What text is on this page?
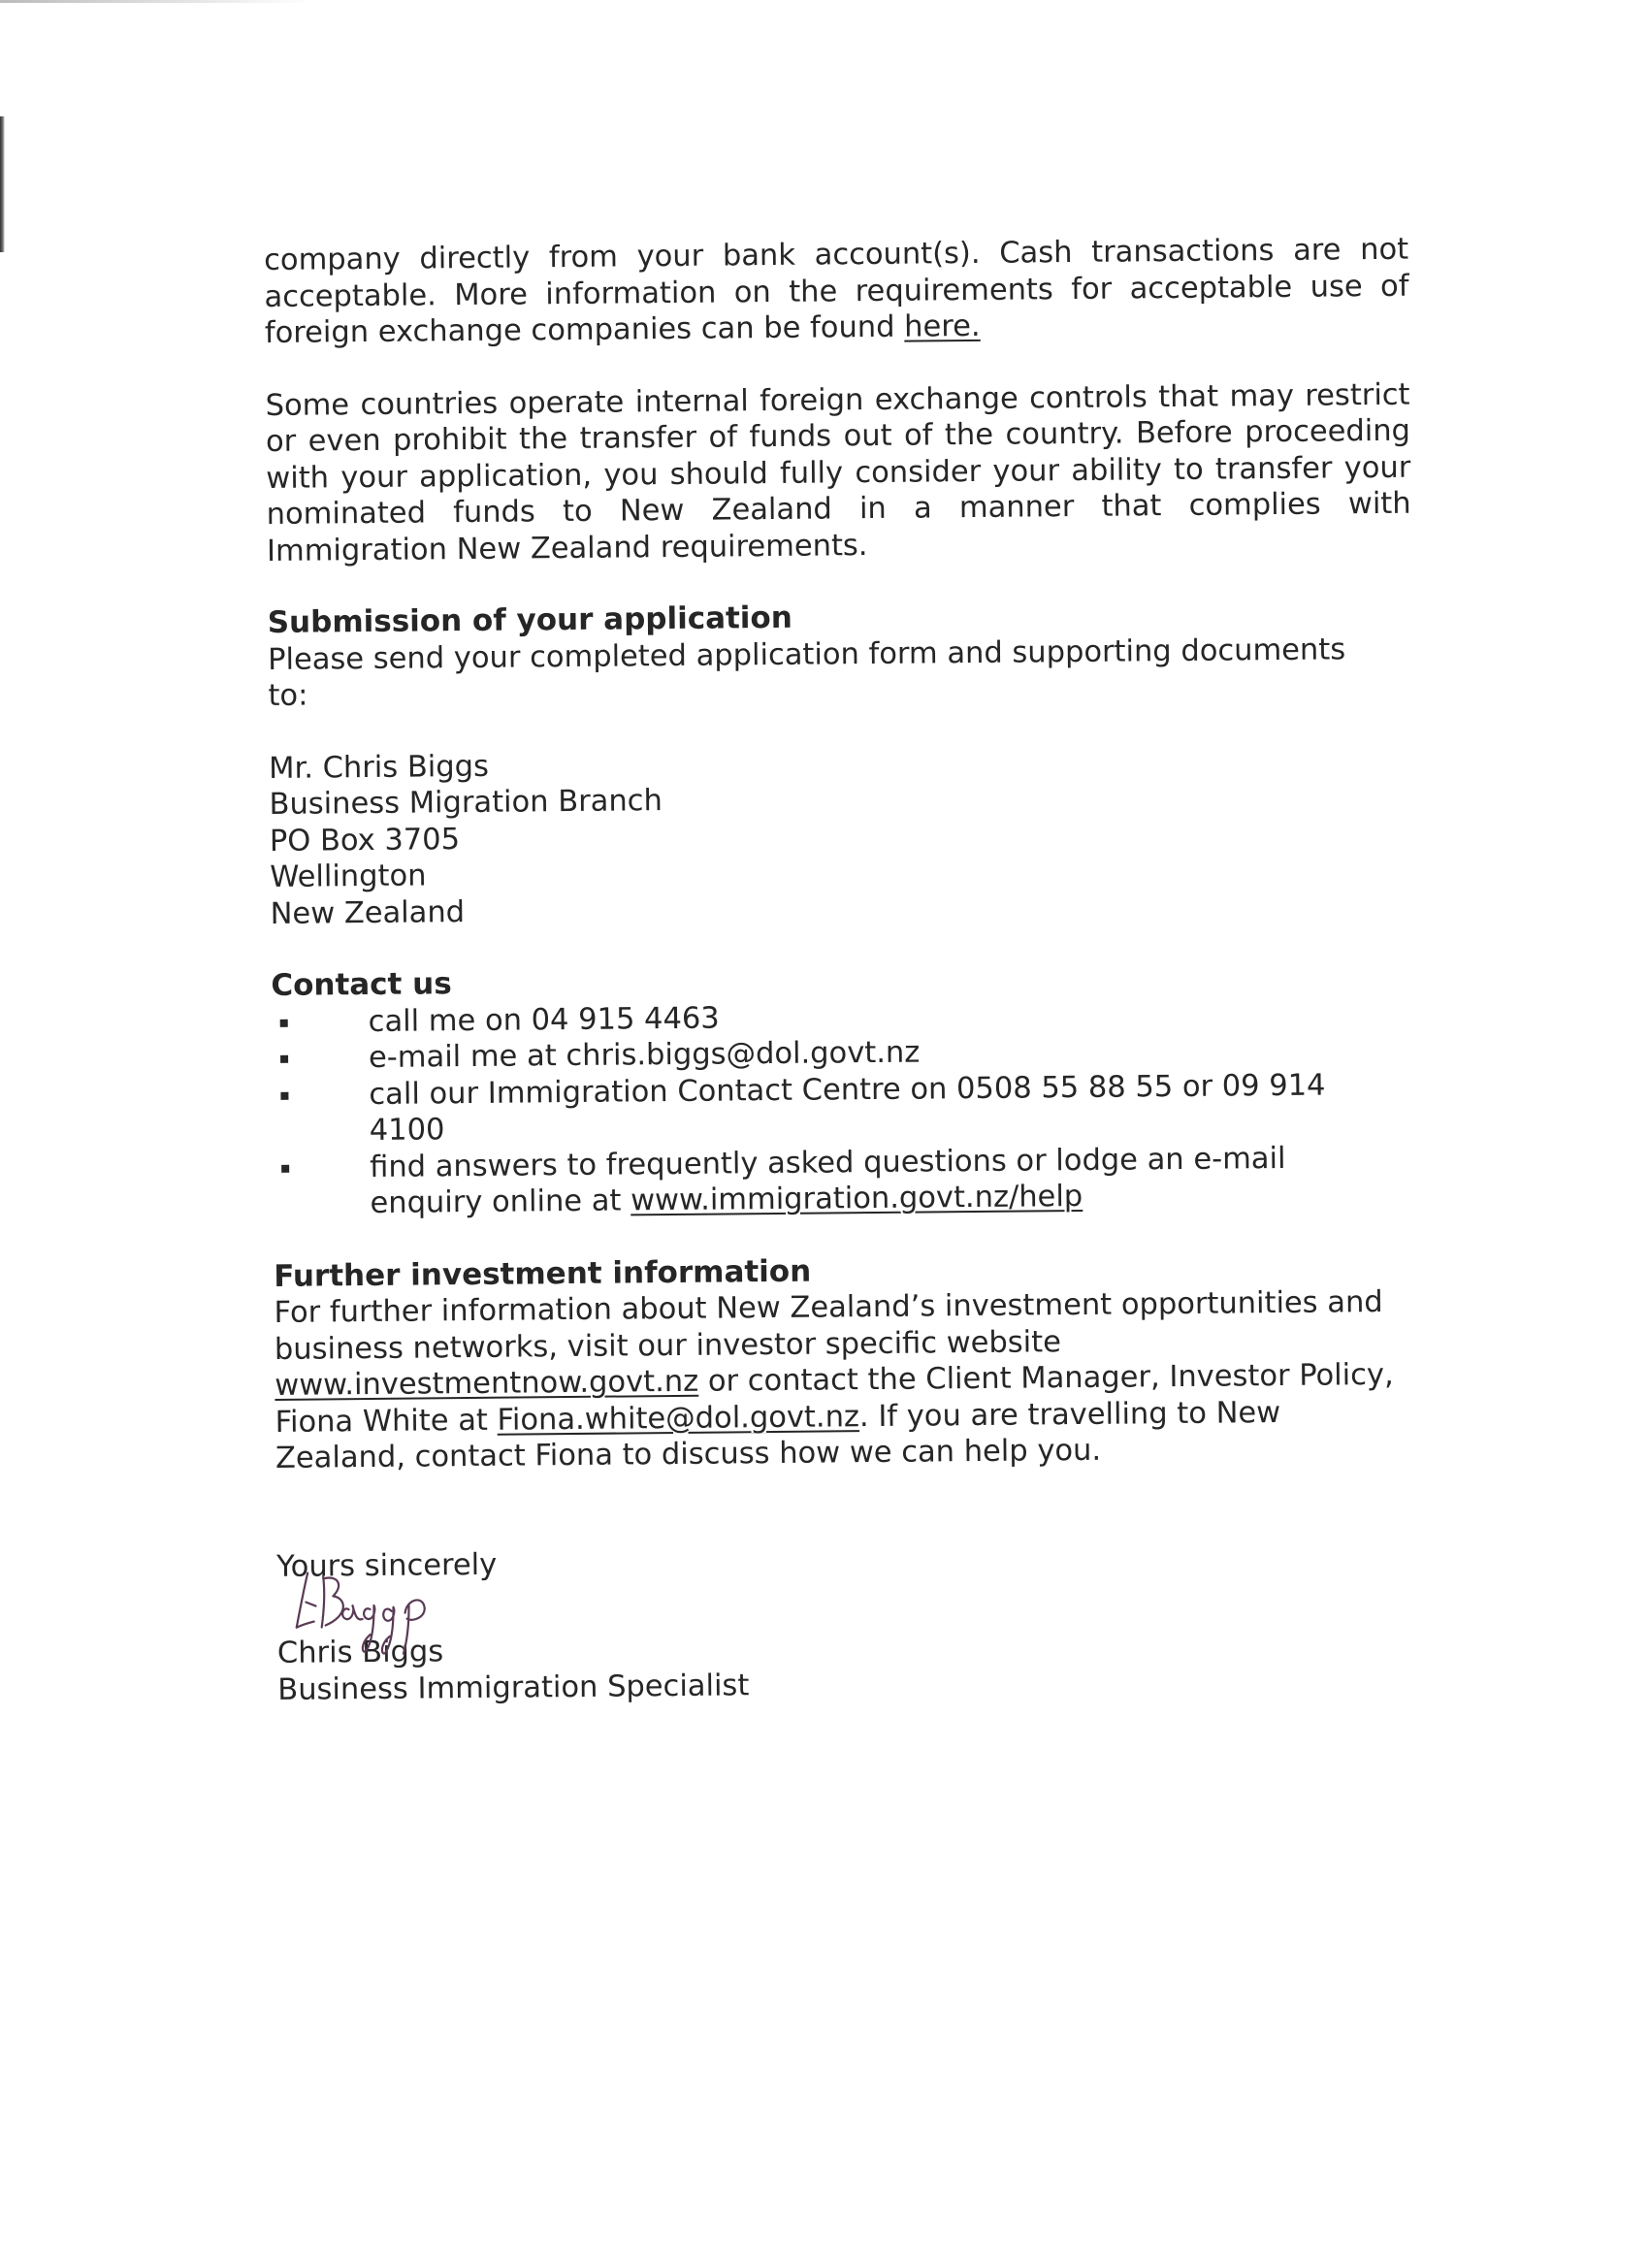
company directly from your bank account(s). Cash transactions are not acceptable. More information on the requirements for acceptable use of foreign exchange companies can be found here.

Some countries operate internal foreign exchange controls that may restrict or even prohibit the transfer of funds out of the country. Before proceeding with your application, you should fully consider your ability to transfer your nominated funds to New Zealand in a manner that complies with Immigration New Zealand requirements.

Submission of your application

Please send your completed application form and supporting documents to:

Mr. Chris Biggs
Business Migration Branch
PO Box 3705
Wellington
New Zealand
Contact us
call me on 04 915 4463
e-mail me at chris.biggs@dol.govt.nz
call our Immigration Contact Centre on 0508 55 88 55 or 09 914 4100
find answers to frequently asked questions or lodge an e-mail enquiry online at www.immigration.govt.nz/help
Further investment information

For further information about New Zealand’s investment opportunities and business networks, visit our investor specific website www.investmentnow.govt.nz or contact the Client Manager, Investor Policy, Fiona White at Fiona.white@dol.govt.nz. If you are travelling to New Zealand, contact Fiona to discuss how we can help you.

Yours sincerely

Chris Biggs

Business Immigration Specialist
